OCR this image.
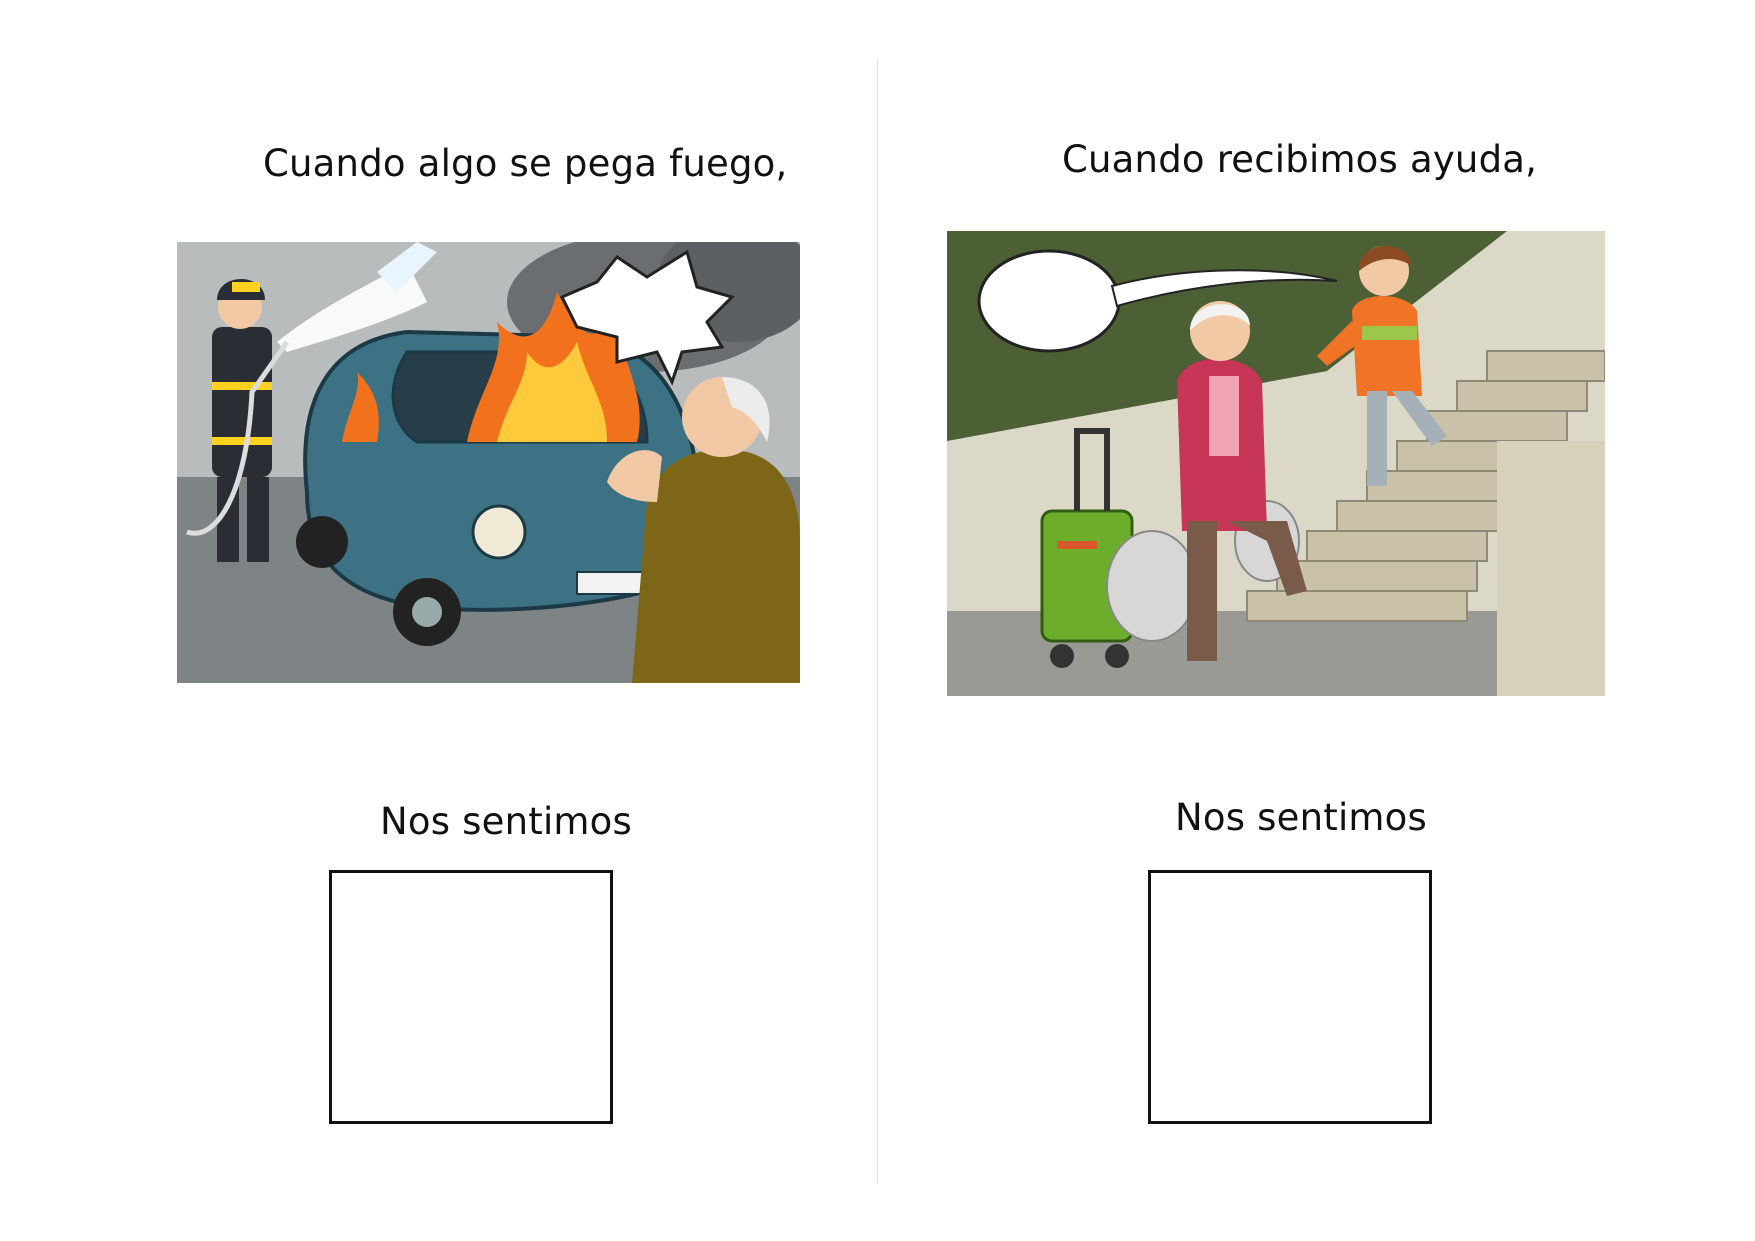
Cuando algo se pega fuego,
Nos sentimos
Cuando recibimos ayuda,
Nos sentimos
